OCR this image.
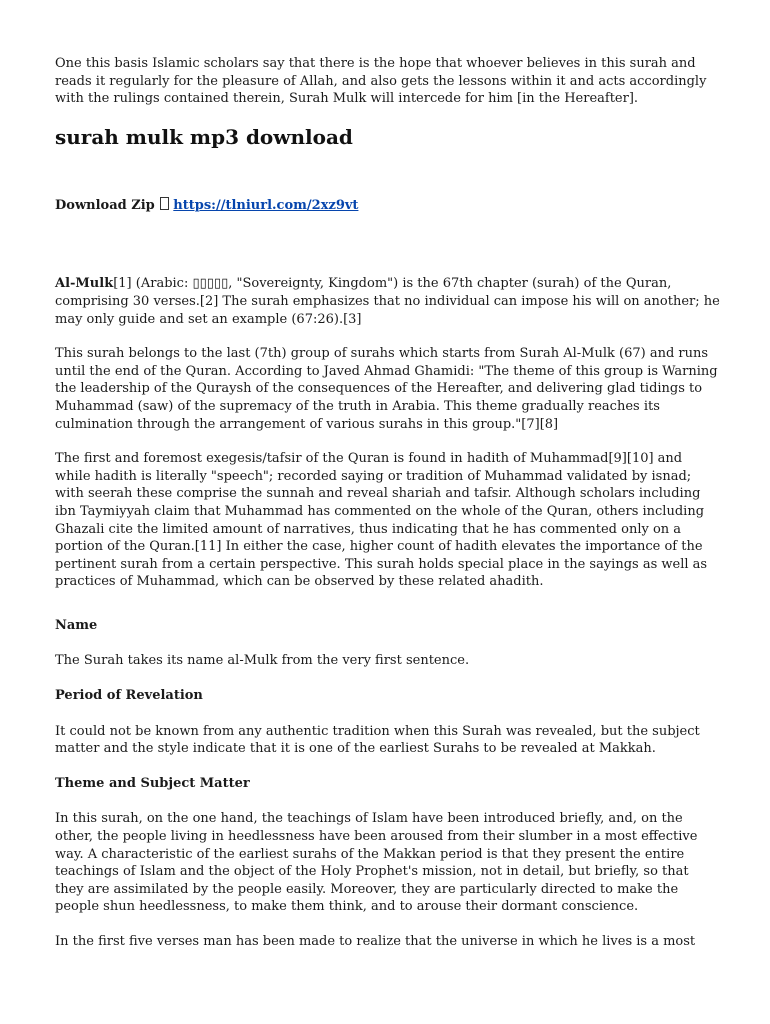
One this basis Islamic scholars say that there is the hope that whoever believes in this surah and reads it regularly for the pleasure of Allah, and also gets the lessons within it and acts accordingly with the rulings contained therein, Surah Mulk will intercede for him [in the Hereafter].

surah mulk mp3 download

Download Zip https://tlniurl.com/2xz9vt

Al-Mulk[1] (Arabic: ▯▯▯▯▯, "Sovereignty, Kingdom") is the 67th chapter (surah) of the Quran, comprising 30 verses.[2] The surah emphasizes that no individual can impose his will on another; he may only guide and set an example (67:26).[3]

This surah belongs to the last (7th) group of surahs which starts from Surah Al-Mulk (67) and runs until the end of the Quran. According to Javed Ahmad Ghamidi: "The theme of this group is Warning the leadership of the Quraysh of the consequences of the Hereafter, and delivering glad tidings to Muhammad (saw) of the supremacy of the truth in Arabia. This theme gradually reaches its culmination through the arrangement of various surahs in this group."[7][8]

The first and foremost exegesis/tafsir of the Quran is found in hadith of Muhammad[9][10] and while hadith is literally "speech"; recorded saying or tradition of Muhammad validated by isnad; with seerah these comprise the sunnah and reveal shariah and tafsir. Although scholars including ibn Taymiyyah claim that Muhammad has commented on the whole of the Quran, others including Ghazali cite the limited amount of narratives, thus indicating that he has commented only on a portion of the Quran.[11] In either the case, higher count of hadith elevates the importance of the pertinent surah from a certain perspective. This surah holds special place in the sayings as well as practices of Muhammad, which can be observed by these related ahadith.

Name

The Surah takes its name al-Mulk from the very first sentence.

Period of Revelation

It could not be known from any authentic tradition when this Surah was revealed, but the subject matter and the style indicate that it is one of the earliest Surahs to be revealed at Makkah.

Theme and Subject Matter

In this surah, on the one hand, the teachings of Islam have been introduced briefly, and, on the other, the people living in heedlessness have been aroused from their slumber in a most effective way. A characteristic of the earliest surahs of the Makkan period is that they present the entire teachings of Islam and the object of the Holy Prophet's mission, not in detail, but briefly, so that they are assimilated by the people easily. Moreover, they are particularly directed to make the people shun heedlessness, to make them think, and to arouse their dormant conscience.

In the first five verses man has been made to realize that the universe in which he lives is a most
